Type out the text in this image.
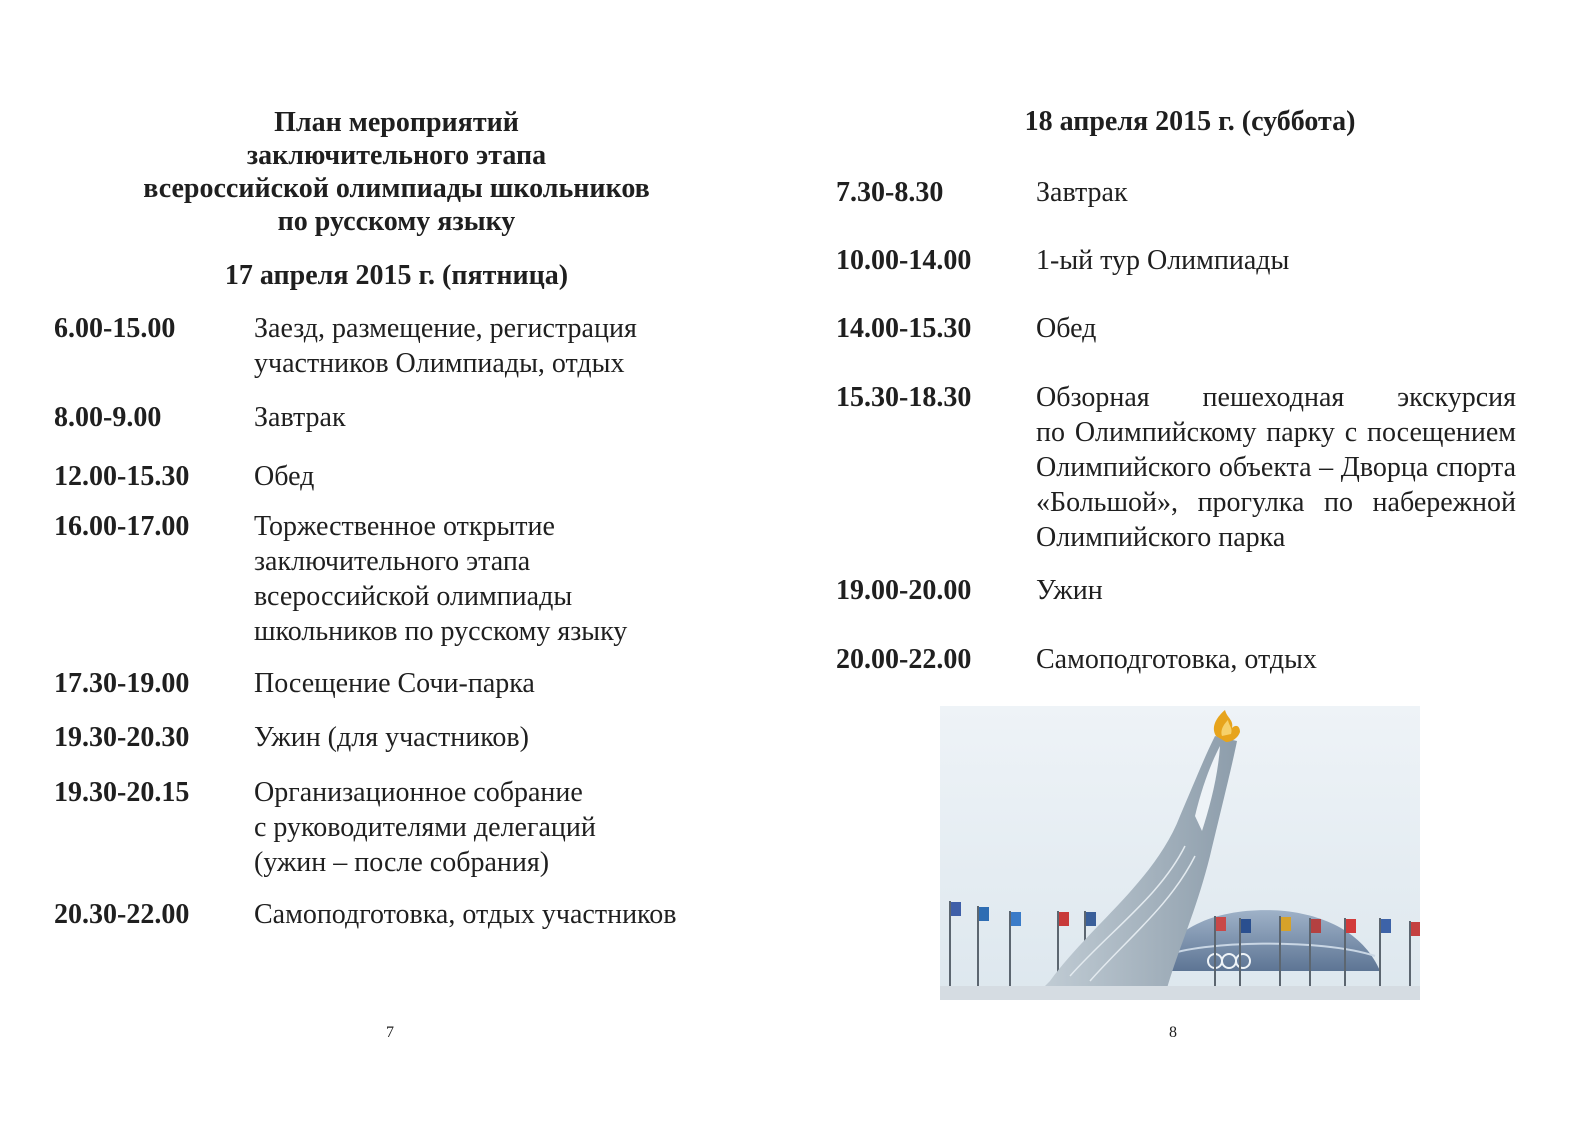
План мероприятий
заключительного этапа
всероссийской олимпиады школьников
по русскому языку
17 апреля 2015 г. (пятница)
6.00-15.00	Заезд, размещение, регистрация
участников Олимпиады, отдых
8.00-9.00	Завтрак
12.00-15.30 Обед
16.00-17.00 Торжественное открытие
заключительного этапа
всероссийской олимпиады
школьников по русскому языку
17.30-19.00 Посещение Сочи-парка
19.30-20.30 Ужин (для участников)
19.30-20.15 Организационное собрание
с руководителями делегаций
(ужин – после собрания)
20.30-22.00 Самоподготовка, отдых участников
7
18 апреля 2015 г. (суббота)
7.30-8.30	Завтрак
10.00-14.00 1-ый тур Олимпиады
14.00-15.30 Обед
15.30-18.30 Обзорная пешеходная экскурсия
по Олимпийскому парку с посещением
Олимпийского объекта – Дворца спорта
«Большой», прогулка по набережной
Олимпийского парка
19.00-20.00 Ужин
20.00-22.00 Самоподготовка, отдых
8
